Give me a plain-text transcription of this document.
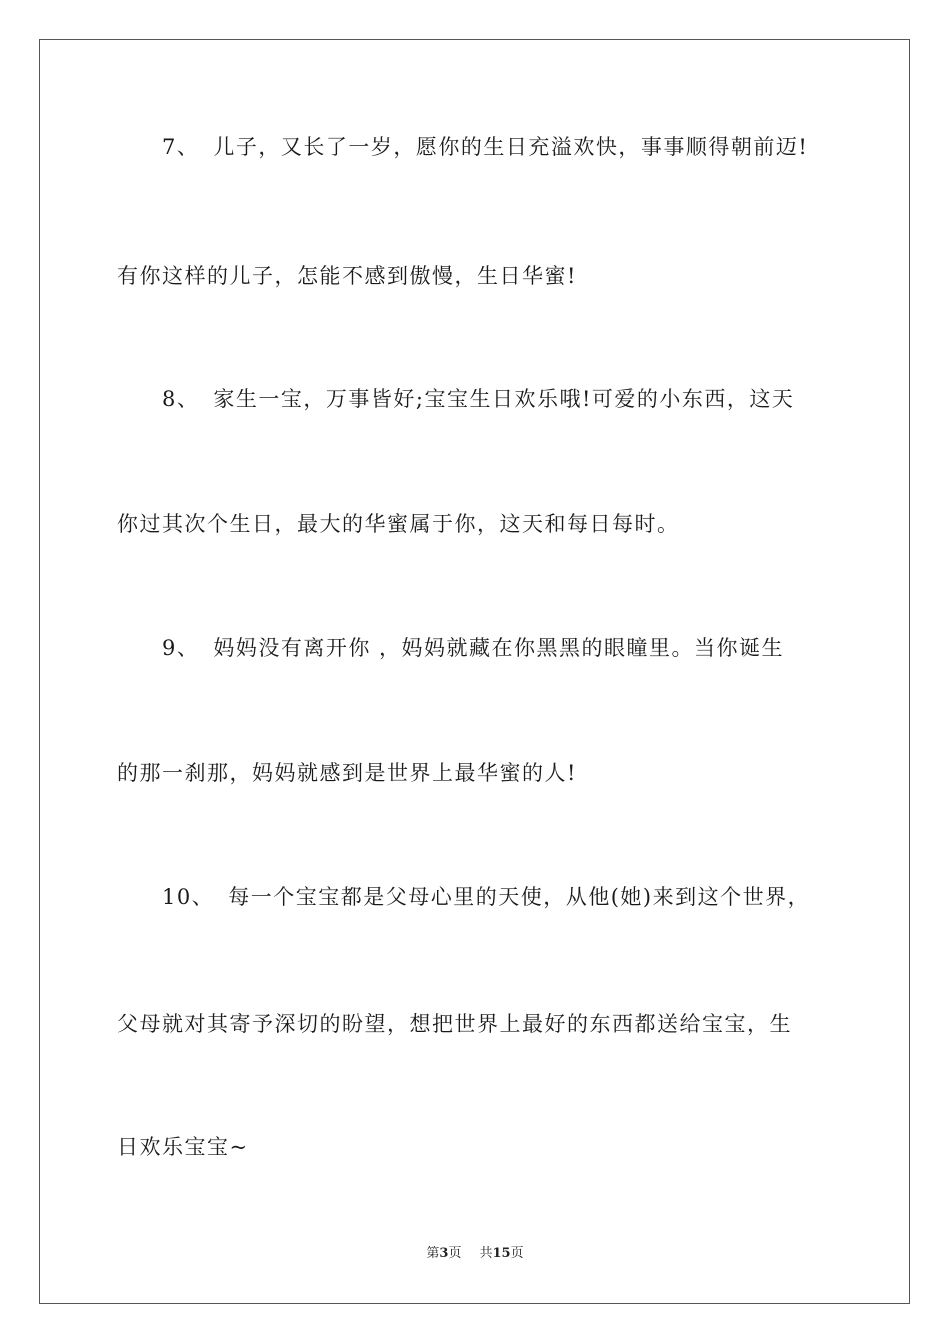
7、 儿子，又长了一岁，愿你的生日充溢欢快，事事顺得朝前迈!
有你这样的儿子，怎能不感到傲慢，生日华蜜!
8、 家生一宝，万事皆好;宝宝生日欢乐哦!可爱的小东西，这天
你过其次个生日，最大的华蜜属于你，这天和每日每时。
9、 妈妈没有离开你 ，妈妈就藏在你黑黑的眼瞳里。当你诞生
的那一刹那，妈妈就感到是世界上最华蜜的人!
10、 每一个宝宝都是父母心里的天使，从他(她)来到这个世界，
父母就对其寄予深切的盼望，想把世界上最好的东西都送给宝宝，生
日欢乐宝宝~
第3页 共15页
